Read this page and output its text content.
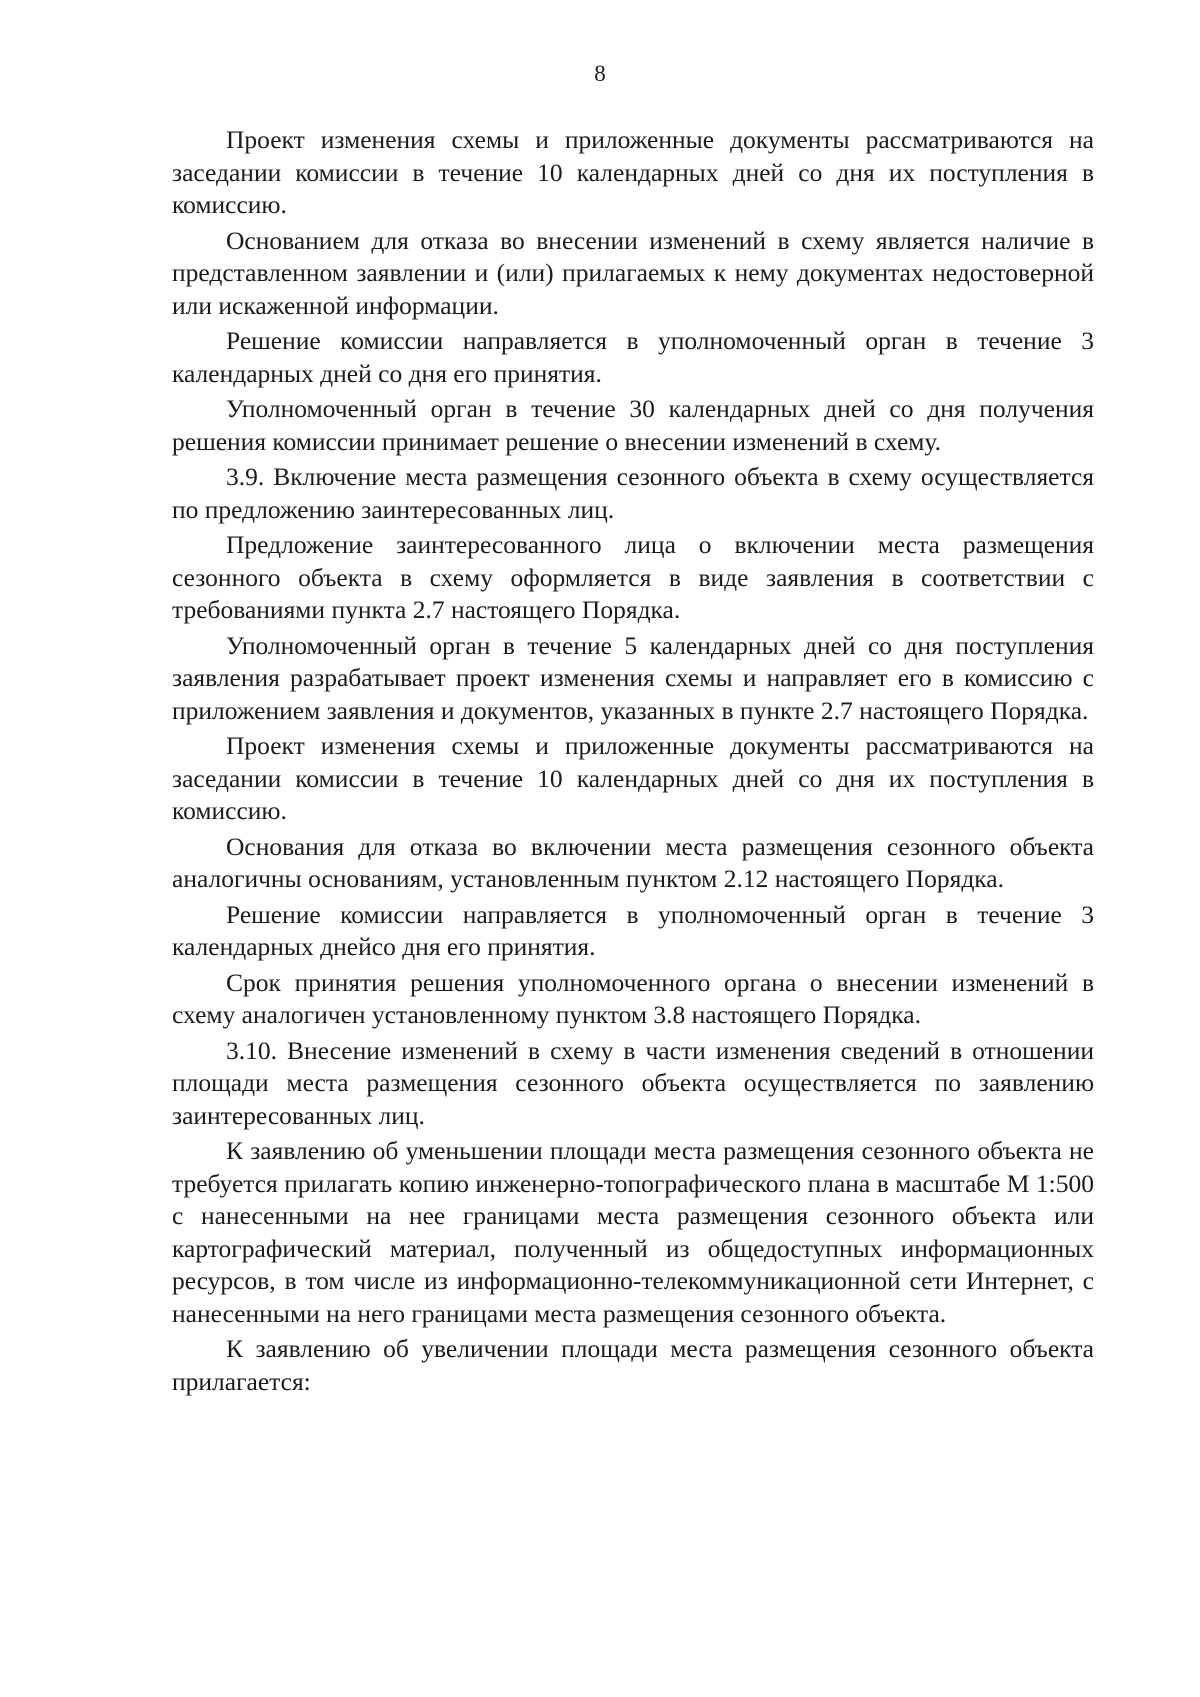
8

Проект изменения схемы и приложенные документы рассматриваются на заседании комиссии в течение 10 календарных дней со дня их поступления в комиссию.

Основанием для отказа во внесении изменений в схему является наличие в представленном заявлении и (или) прилагаемых к нему документах недостоверной или искаженной информации.

Решение комиссии направляется в уполномоченный орган в течение 3 календарных дней со дня его принятия.

Уполномоченный орган в течение 30 календарных дней со дня получения решения комиссии принимает решение о внесении изменений в схему.

3.9. Включение места размещения сезонного объекта в схему осуществляется по предложению заинтересованных лиц.

Предложение заинтересованного лица о включении места размещения сезонного объекта в схему оформляется в виде заявления в соответствии с требованиями пункта 2.7 настоящего Порядка.

Уполномоченный орган в течение 5 календарных дней со дня поступления заявления разрабатывает проект изменения схемы и направляет его в комиссию с приложением заявления и документов, указанных в пункте 2.7 настоящего Порядка.

Проект изменения схемы и приложенные документы рассматриваются на заседании комиссии в течение 10 календарных дней со дня их поступления в комиссию.

Основания для отказа во включении места размещения сезонного объекта аналогичны основаниям, установленным пунктом 2.12 настоящего Порядка.

Решение комиссии направляется в уполномоченный орган в течение 3 календарных днейсо дня его принятия.

Срок принятия решения уполномоченного органа о внесении изменений в схему аналогичен установленному пунктом 3.8 настоящего Порядка.

3.10. Внесение изменений в схему в части изменения сведений в отношении площади места размещения сезонного объекта осуществляется по заявлению заинтересованных лиц.

К заявлению об уменьшении площади места размещения сезонного объекта не требуется прилагать копию инженерно-топографического плана в масштабе М 1:500 с нанесенными на нее границами места размещения сезонного объекта или картографический материал, полученный из общедоступных информационных ресурсов, в том числе из информационно-телекоммуникационной сети Интернет, с нанесенными на него границами места размещения сезонного объекта.

К заявлению об увеличении площади места размещения сезонного объекта прилагается:
